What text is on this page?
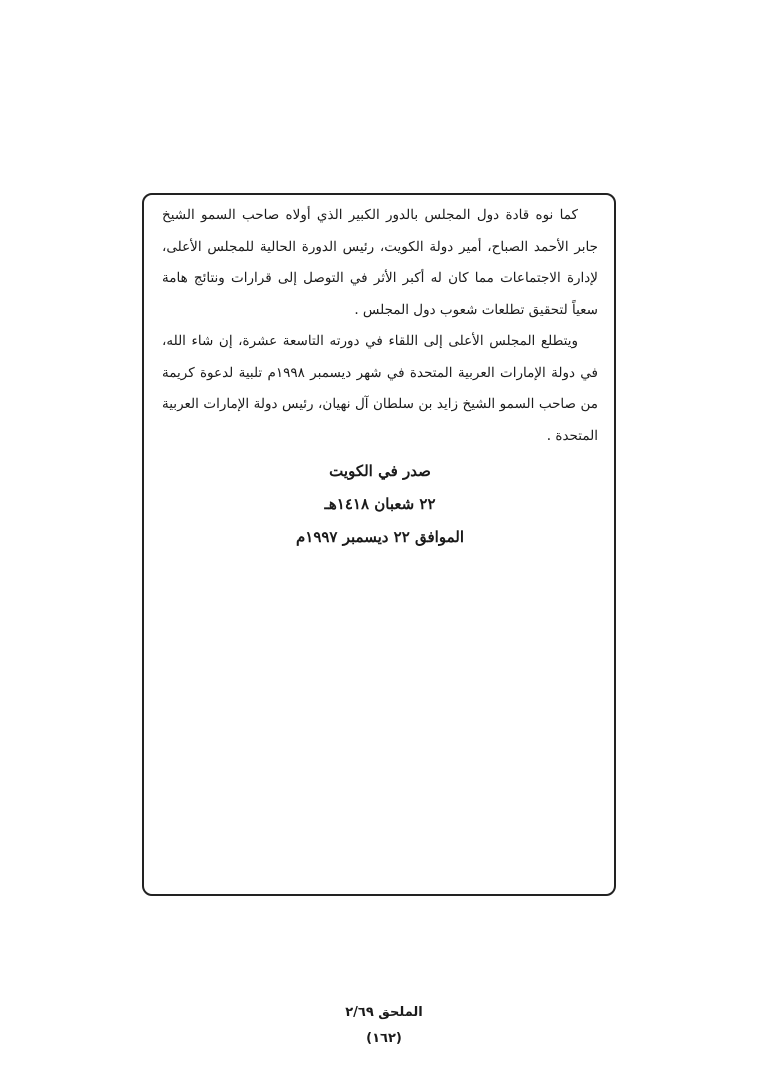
كما نوه قادة دول المجلس بالدور الكبير الذي أولاه صاحب السمو الشيخ جابر الأحمد الصباح، أمير دولة الكويت، رئيس الدورة الحالية للمجلس الأعلى، لإدارة الاجتماعات مما كان له أكبر الأثر في التوصل إلى قرارات ونتائج هامة سعياً لتحقيق تطلعات شعوب دول المجلس .

ويتطلع المجلس الأعلى إلى اللقاء في دورته التاسعة عشرة، إن شاء الله، في دولة الإمارات العربية المتحدة في شهر ديسمبر ١٩٩٨م تلبية لدعوة كريمة من صاحب السمو الشيخ زايد بن سلطان آل نهيان، رئيس دولة الإمارات العربية المتحدة .

صدر في الكويت
٢٢ شعبان ١٤١٨هـ
الموافق ٢٢ ديسمبر ١٩٩٧م
الملحق ٢/٦٩
(١٦٢)
